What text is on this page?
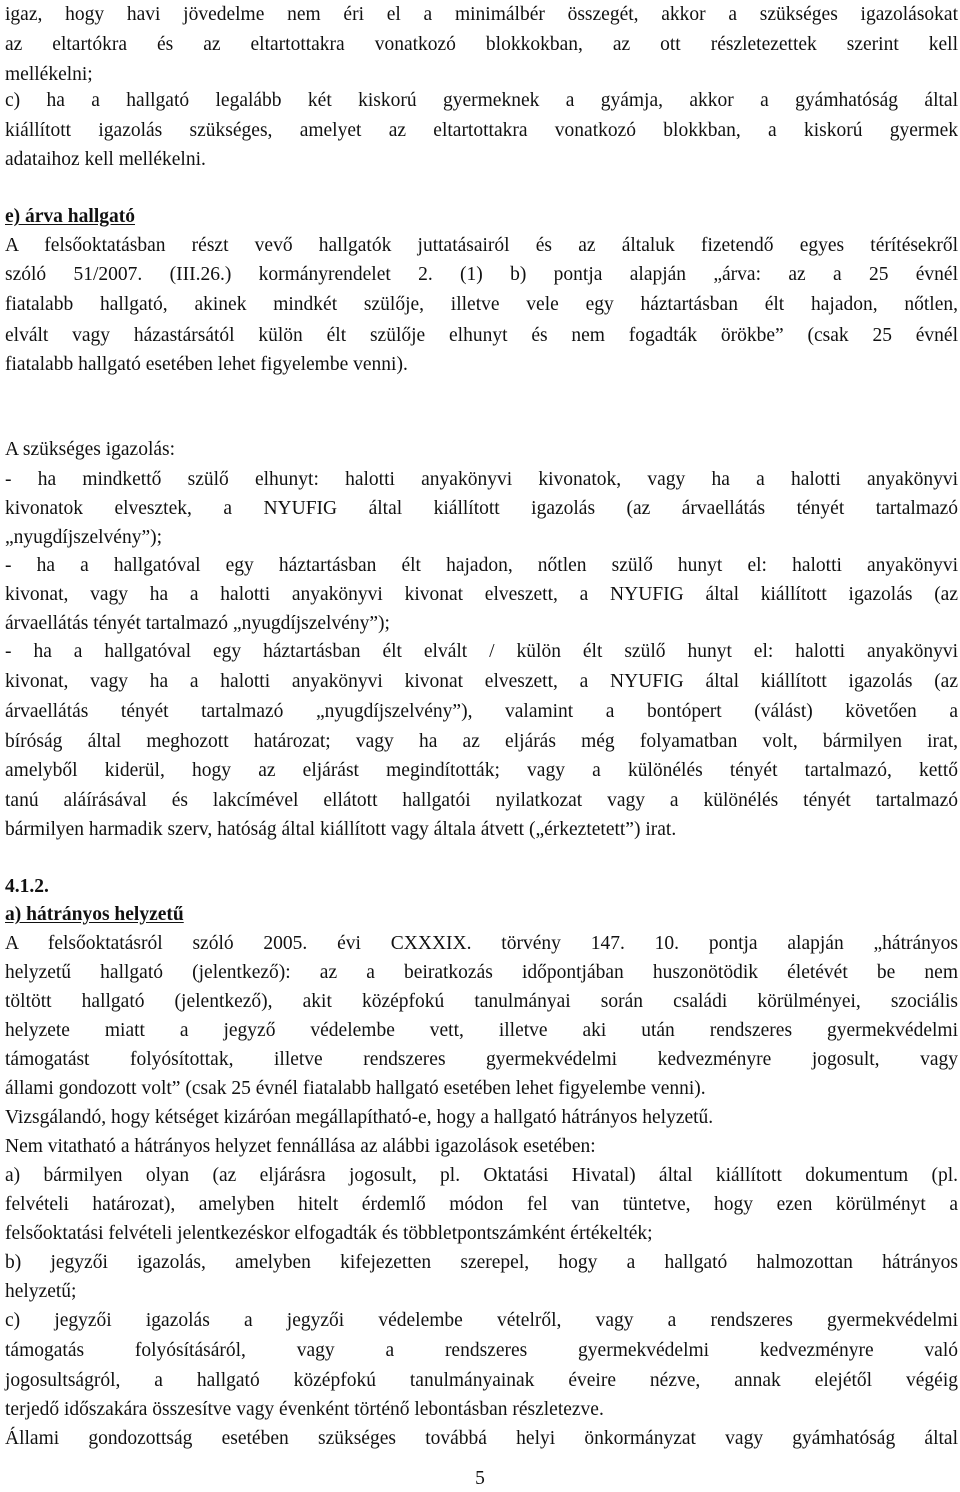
igaz, hogy havi jövedelme nem éri el a minimálbér összegét, akkor a szükséges igazolásokat
az eltartókra és az eltartottakra vonatkozó blokkokban, az ott részletezettek szerint kell
mellékelni;
c) ha a hallgató legalább két kiskorú gyermeknek a gyámja, akkor a gyámhatóság által
kiállított igazolás szükséges, amelyet az eltartottakra vonatkozó blokkban, a kiskorú gyermek
adataihoz kell mellékelni.
e) árva hallgató
A felsőoktatásban részt vevő hallgatók juttatásairól és az általuk fizetendő egyes térítésekről
szóló 51/2007. (III.26.) kormányrendelet 2. (1) b) pontja alapján „árva: az a 25 évnél
fiatalabb hallgató, akinek mindkét szülője, illetve vele egy háztartásban élt hajadon, nőtlen,
elvált vagy házastársától külön élt szülője elhunyt és nem fogadták örökbe” (csak 25 évnél
fiatalabb hallgató esetében lehet figyelembe venni).
A szükséges igazolás:
- ha mindkettő szülő elhunyt: halotti anyakönyvi kivonatok, vagy ha a halotti anyakönyvi
kivonatok elvesztek, a NYUFIG által kiállított igazolás (az árvaellátás tényét tartalmazó
„nyugdíjszelvény”);
- ha a hallgatóval egy háztartásban élt hajadon, nőtlen szülő hunyt el: halotti anyakönyvi
kivonat, vagy ha a halotti anyakönyvi kivonat elveszett, a NYUFIG által kiállított igazolás (az
árvaellátás tényét tartalmazó „nyugdíjszelvény”);
- ha a hallgatóval egy háztartásban élt elvált / külön élt szülő hunyt el: halotti anyakönyvi
kivonat, vagy ha a halotti anyakönyvi kivonat elveszett, a NYUFIG által kiállított igazolás (az
árvaellátás tényét tartalmazó „nyugdíjszelvény”), valamint a bontópert (válást) követően a
bíróság által meghozott határozat; vagy ha az eljárás még folyamatban volt, bármilyen irat,
amelyből kiderül, hogy az eljárást megindították; vagy a különélés tényét tartalmazó, kettő
tanú aláírásával és lakcímével ellátott hallgatói nyilatkozat vagy a különélés tényét tartalmazó
bármilyen harmadik szerv, hatóság által kiállított vagy általa átvett („érkeztetett”) irat.
4.1.2.
a) hátrányos helyzetű
A felsőoktatásról szóló 2005. évi CXXXIX. törvény 147. 10. pontja alapján „hátrányos
helyzetű hallgató (jelentkező): az a beiratkozás időpontjában huszonötödik életévét be nem
töltött hallgató (jelentkező), akit középfokú tanulmányai során családi körülményei, szociális
helyzete miatt a jegyző védelembe vett, illetve aki után rendszeres gyermekvédelmi
támogatást folyósítottak, illetve rendszeres gyermekvédelmi kedvezményre jogosult, vagy
állami gondozott volt” (csak 25 évnél fiatalabb hallgató esetében lehet figyelembe venni).
Vizsgálandó, hogy kétséget kizáróan megállapítható-e, hogy a hallgató hátrányos helyzetű.
Nem vitatható a hátrányos helyzet fennállása az alábbi igazolások esetében:
a) bármilyen olyan (az eljárásra jogosult, pl. Oktatási Hivatal) által kiállított dokumentum (pl.
felvételi határozat), amelyben hitelt érdemlő módon fel van tüntetve, hogy ezen körülményt a
felsőoktatási felvételi jelentkezéskor elfogadták és többletpontszámként értékelték;
b) jegyzői igazolás, amelyben kifejezetten szerepel, hogy a hallgató halmozottan hátrányos
helyzetű;
c) jegyzői igazolás a jegyzői védelembe vételről, vagy a rendszeres gyermekvédelmi
támogatás folyósításáról, vagy a rendszeres gyermekvédelmi kedvezményre való
jogosultságról, a hallgató középfokú tanulmányainak éveire nézve, annak elejétől végéig
terjedő időszakára összesítve vagy évenként történő lebontásban részletezve.
Állami gondozottság esetében szükséges továbbá helyi önkormányzat vagy gyámhatóság által
5
